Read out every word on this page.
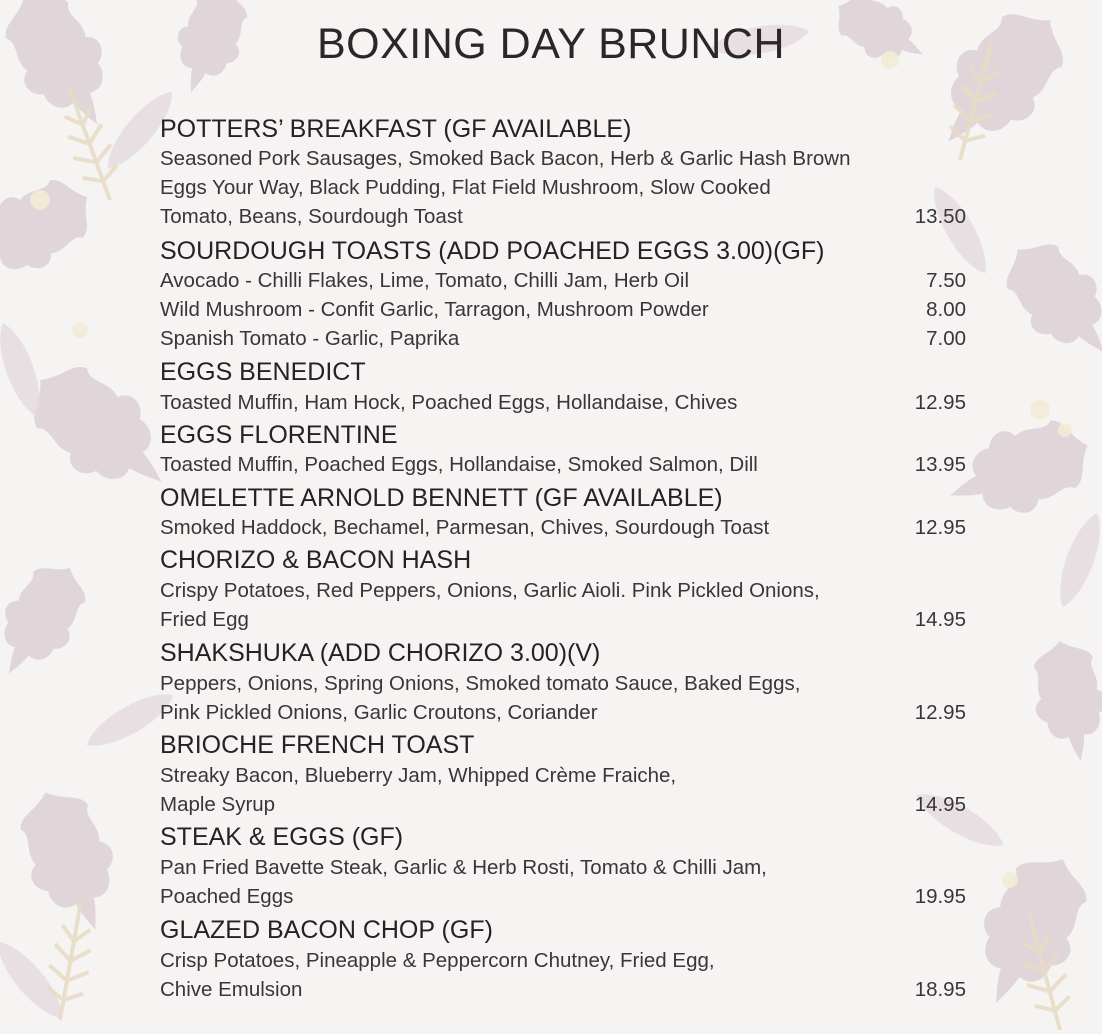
BOXING DAY BRUNCH
POTTERS’ BREAKFAST (GF AVAILABLE)
Seasoned Pork Sausages, Smoked Back Bacon, Herb & Garlic Hash Brown
Eggs Your Way, Black Pudding, Flat Field Mushroom, Slow Cooked
Tomato, Beans, Sourdough Toast	13.50
SOURDOUGH TOASTS (ADD POACHED EGGS 3.00)(GF)
Avocado - Chilli Flakes, Lime, Tomato, Chilli Jam, Herb Oil	7.50
Wild Mushroom - Confit Garlic, Tarragon, Mushroom Powder	8.00
Spanish Tomato - Garlic, Paprika	7.00
EGGS BENEDICT
Toasted Muffin, Ham Hock, Poached Eggs, Hollandaise, Chives	12.95
EGGS FLORENTINE
Toasted Muffin, Poached Eggs, Hollandaise, Smoked Salmon, Dill	13.95
OMELETTE ARNOLD BENNETT (GF AVAILABLE)
Smoked Haddock, Bechamel, Parmesan, Chives, Sourdough Toast	12.95
CHORIZO & BACON HASH
Crispy Potatoes, Red Peppers, Onions, Garlic Aioli. Pink Pickled Onions,
Fried Egg	14.95
SHAKSHUKA (ADD CHORIZO 3.00)(V)
Peppers, Onions, Spring Onions, Smoked tomato Sauce, Baked Eggs,
Pink Pickled Onions, Garlic Croutons, Coriander	12.95
BRIOCHE FRENCH TOAST
Streaky Bacon, Blueberry Jam, Whipped Crème Fraiche,
Maple Syrup	14.95
STEAK & EGGS (GF)
Pan Fried Bavette Steak, Garlic & Herb Rosti, Tomato & Chilli Jam,
Poached Eggs	19.95
GLAZED BACON CHOP (GF)
Crisp Potatoes, Pineapple & Peppercorn Chutney, Fried Egg,
Chive Emulsion	18.95
